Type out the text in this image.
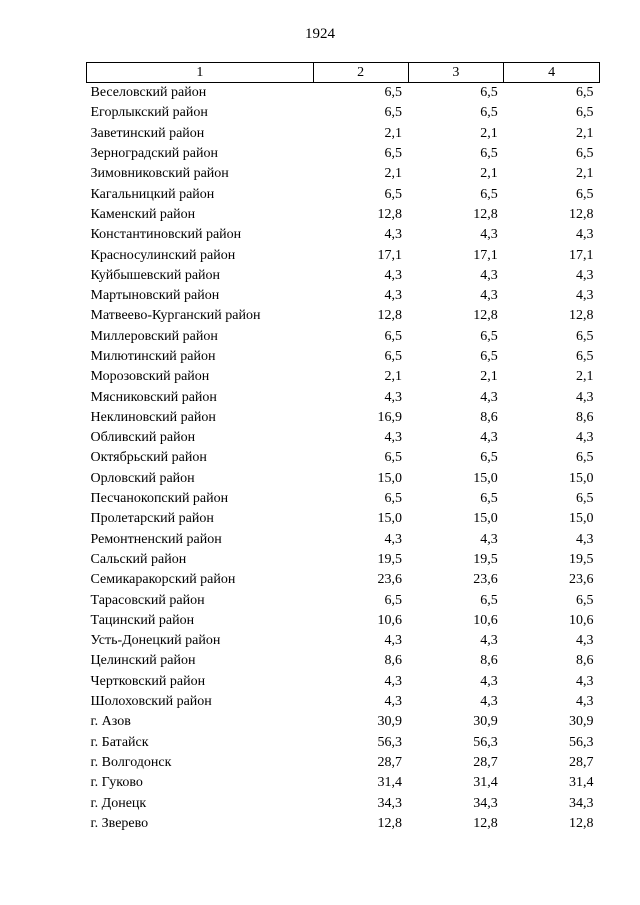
1924
1	2	3	4
Веселовский район	6,5	6,5	6,5
Егорлыкский район	6,5	6,5	6,5
Заветинский район	2,1	2,1	2,1
Зерноградский район	6,5	6,5	6,5
Зимовниковский район	2,1	2,1	2,1
Кагальницкий район	6,5	6,5	6,5
Каменский район	12,8	12,8	12,8
Константиновский район	4,3	4,3	4,3
Красносулинский район	17,1	17,1	17,1
Куйбышевский район	4,3	4,3	4,3
Мартыновский район	4,3	4,3	4,3
Матвеево-Курганский район	12,8	12,8	12,8
Миллеровский район	6,5	6,5	6,5
Милютинский район	6,5	6,5	6,5
Морозовский район	2,1	2,1	2,1
Мясниковский район	4,3	4,3	4,3
Неклиновский район	16,9	8,6	8,6
Обливский район	4,3	4,3	4,3
Октябрьский район	6,5	6,5	6,5
Орловский район	15,0	15,0	15,0
Песчанокопский район	6,5	6,5	6,5
Пролетарский район	15,0	15,0	15,0
Ремонтненский район	4,3	4,3	4,3
Сальский район	19,5	19,5	19,5
Семикаракорский район	23,6	23,6	23,6
Тарасовский район	6,5	6,5	6,5
Тацинский район	10,6	10,6	10,6
Усть-Донецкий район	4,3	4,3	4,3
Целинский район	8,6	8,6	8,6
Чертковский район	4,3	4,3	4,3
Шолоховский район	4,3	4,3	4,3
г. Азов	30,9	30,9	30,9
г. Батайск	56,3	56,3	56,3
г. Волгодонск	28,7	28,7	28,7
г. Гуково	31,4	31,4	31,4
г. Донецк	34,3	34,3	34,3
г. Зверево	12,8	12,8	12,8
